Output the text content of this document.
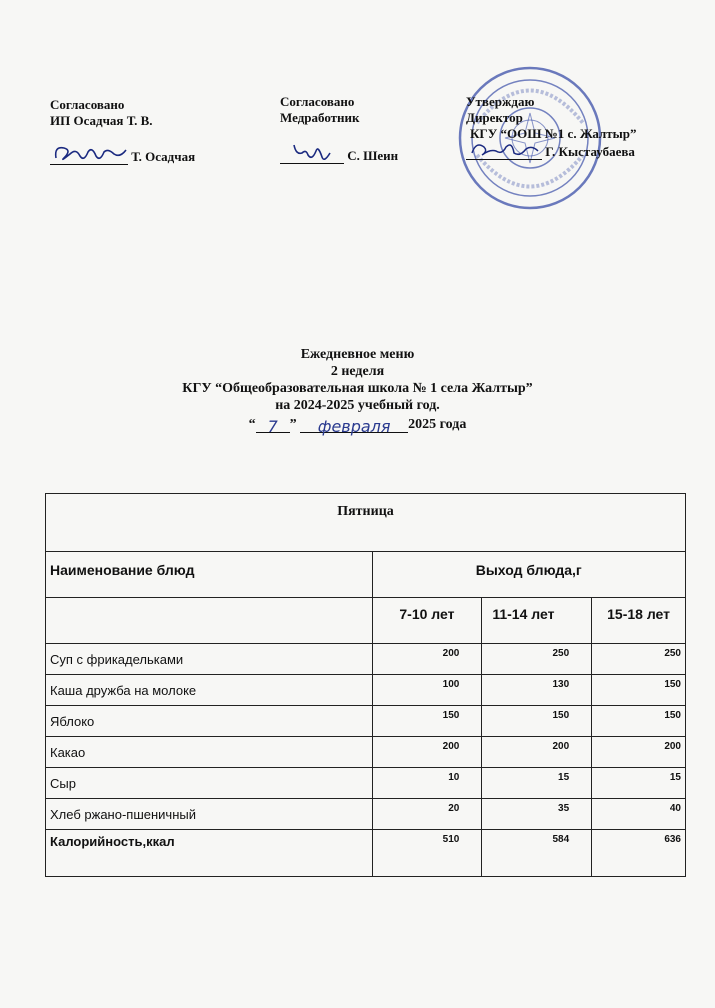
Согласовано
ИП Осадчая Т. В.
Т. Осадчая
Согласовано
Медработник
С. Шеин
Утверждаю
Директор
КГУ “ООШ №1 с. Жалтыр”
Г. Кыстаубаева
Ежедневное меню
2 неделя
КГУ “Общеобразовательная школа № 1 села Жалтыр”
на 2024-2025 учебный год.
“ 7 ” февраля 2025 года
Пятница			
Наименование блюд	Выход блюда,г		
	7-10 лет	11-14 лет	15-18 лет
Суп с фрикадельками	200	250	250
Каша дружба на молоке	100	130	150
Яблоко	150	150	150
Какао	200	200	200
Сыр	10	15	15
Хлеб ржано-пшеничный	20	35	40
Калорийность,ккал	510	584	636
